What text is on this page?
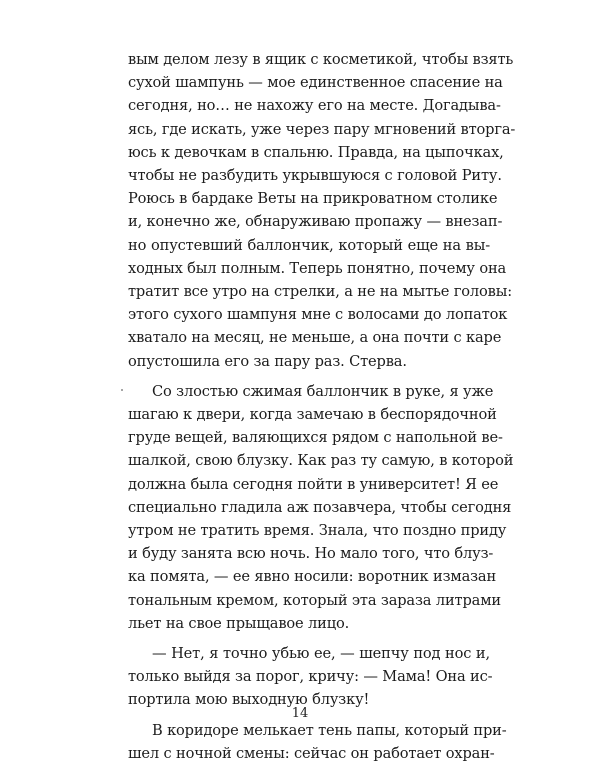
вым делом лезу в ящик с косметикой, чтобы взять
сухой шампунь — мое единственное спасение на
сегодня, но… не нахожу его на месте. Догадыва-
ясь, где искать, уже через пару мгновений вторга-
юсь к девочкам в спальню. Правда, на цыпочках,
чтобы не разбудить укрывшуюся с головой Риту.
Роюсь в бардаке Веты на прикроватном столике
и, конечно же, обнаруживаю пропажу — внезап-
но опустевший баллончик, который еще на вы-
ходных был полным. Теперь понятно, почему она
тратит все утро на стрелки, а не на мытье головы:
этого сухого шампуня мне с волосами до лопаток
хватало на месяц, не меньше, а она почти с каре
опустошила его за пару раз. Стерва.
Со злостью сжимая баллончик в руке, я уже
шагаю к двери, когда замечаю в беспорядочной
груде вещей, валяющихся рядом с напольной ве-
шалкой, свою блузку. Как раз ту самую, в которой
должна была сегодня пойти в университет! Я ее
специально гладила аж позавчера, чтобы сегодня
утром не тратить время. Знала, что поздно приду
и буду занята всю ночь. Но мало того, что блуз-
ка помята, — ее явно носили: воротник измазан
тональным кремом, который эта зараза литрами
льет на свое прыщавое лицо.
— Нет, я точно убью ее, — шепчу под нос и,
только выйдя за порог, кричу: — Мама! Она ис-
портила мою выходную блузку!
В коридоре мелькает тень папы, который при-
шел с ночной смены: сейчас он работает охран-
14
